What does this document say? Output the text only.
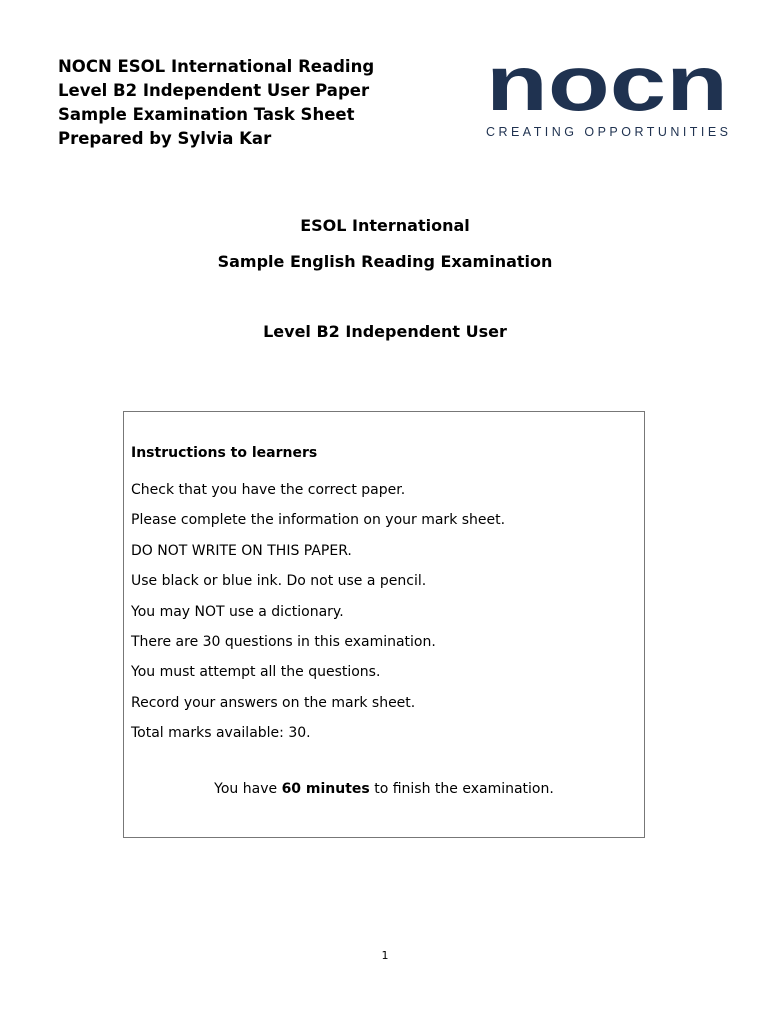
NOCN ESOL International Reading
Level B2 Independent User Paper
Sample Examination Task Sheet
Prepared by Sylvia Kar
nocn
CREATING OPPORTUNITIES
ESOL International
Sample English Reading Examination
Level B2 Independent User
Instructions to learners
Check that you have the correct paper.
Please complete the information on your mark sheet.
DO NOT WRITE ON THIS PAPER.
Use black or blue ink. Do not use a pencil.
You may NOT use a dictionary.
There are 30 questions in this examination.
You must attempt all the questions.
Record your answers on the mark sheet.
Total marks available: 30.
You have 60 minutes to finish the examination.
1
